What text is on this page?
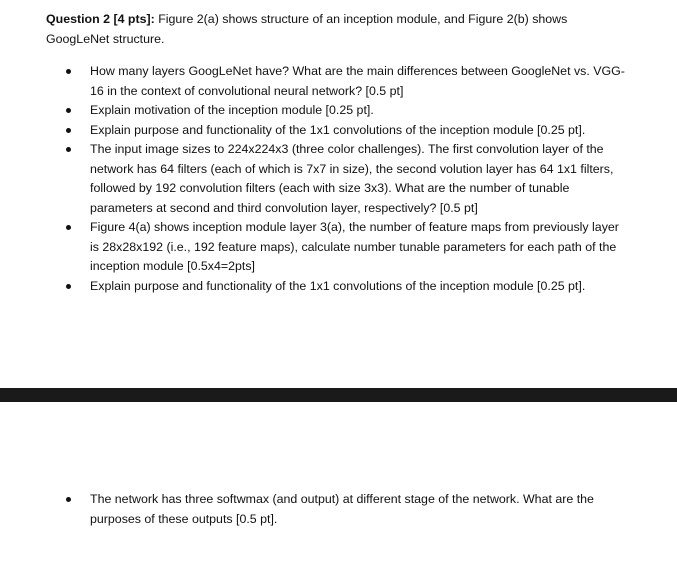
Question 2 [4 pts]: Figure 2(a) shows structure of an inception module, and Figure 2(b) shows GoogLeNet structure.
How many layers GoogLeNet have? What are the main differences between GoogleNet vs. VGG-16 in the context of convolutional neural network? [0.5 pt]
Explain motivation of the inception module [0.25 pt].
Explain purpose and functionality of the 1x1 convolutions of the inception module [0.25 pt].
The input image sizes to 224x224x3 (three color challenges). The first convolution layer of the network has 64 filters (each of which is 7x7 in size), the second volution layer has 64 1x1 filters, followed by 192 convolution filters (each with size 3x3). What are the number of tunable parameters at second and third convolution layer, respectively? [0.5 pt]
Figure 4(a) shows inception module layer 3(a), the number of feature maps from previously layer is 28x28x192 (i.e., 192 feature maps), calculate number tunable parameters for each path of the inception module [0.5x4=2pts]
Explain purpose and functionality of the 1x1 convolutions of the inception module [0.25 pt].
The network has three softwmax (and output) at different stage of the network. What are the purposes of these outputs [0.5 pt].
